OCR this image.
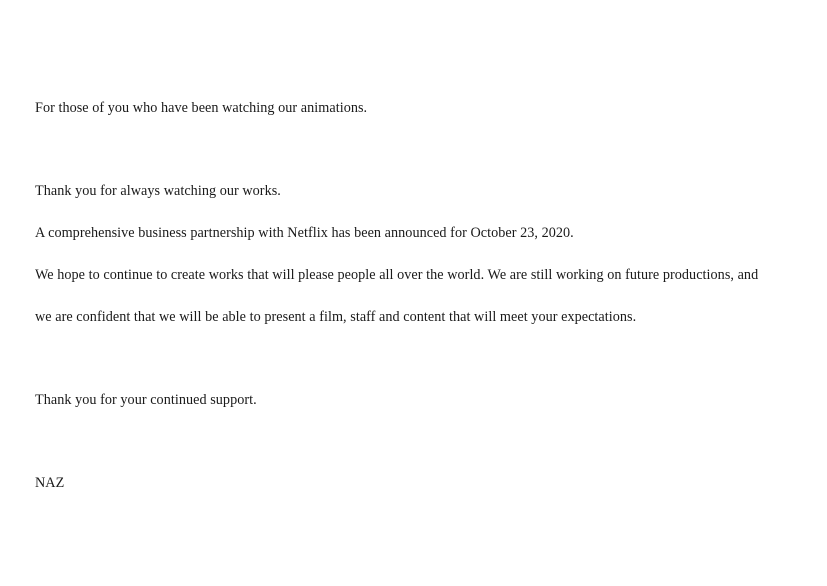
For those of you who have been watching our animations.

Thank you for always watching our works.

A comprehensive business partnership with Netflix has been announced for October 23, 2020.

We hope to continue to create works that will please people all over the world. We are still working on future productions, and

we are confident that we will be able to present a film, staff and content that will meet your expectations.

Thank you for your continued support.

NAZ
